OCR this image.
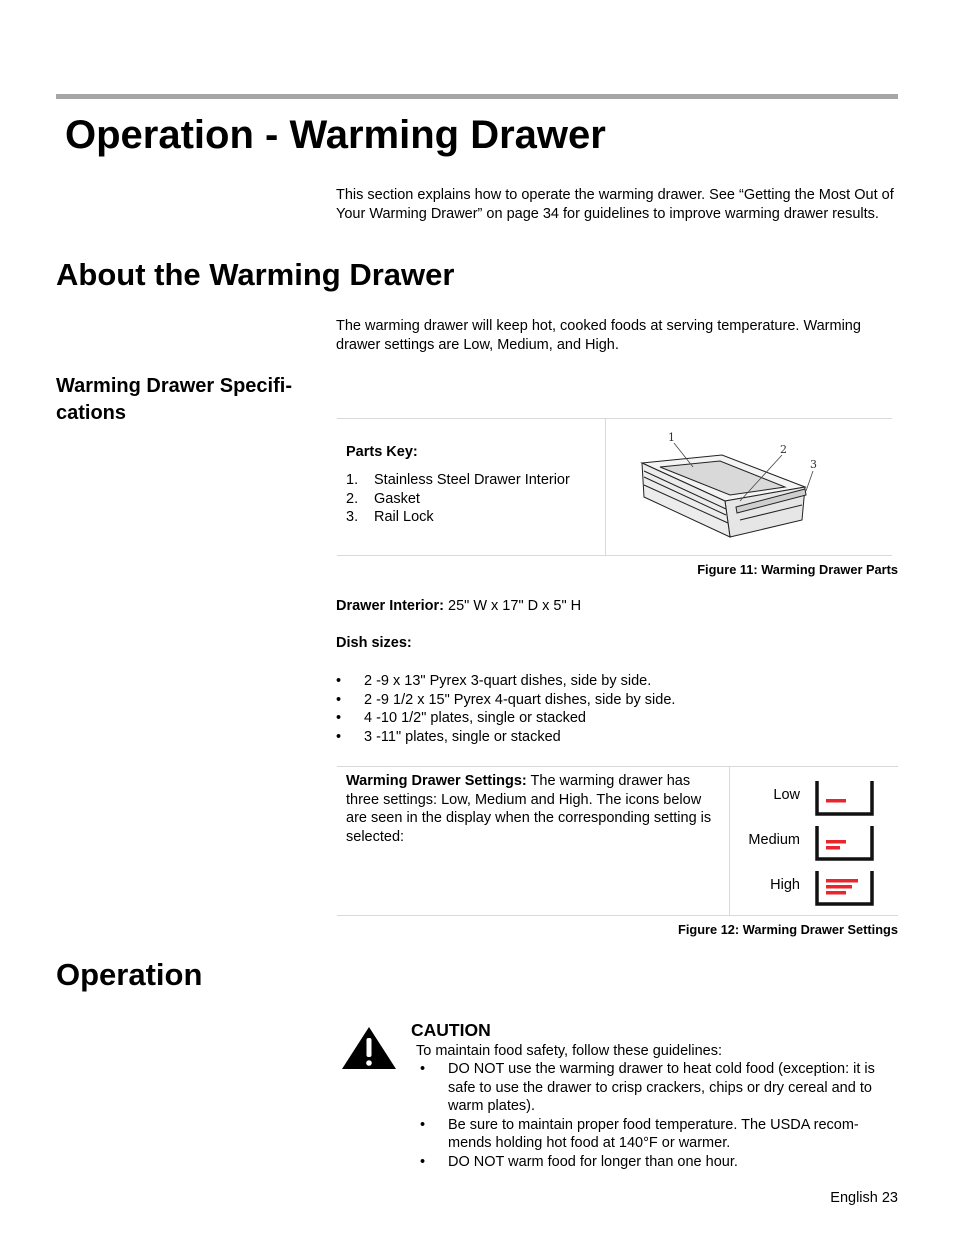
Operation - Warming Drawer
This section explains how to operate the warming drawer. See “Getting the Most Out of Your Warming Drawer” on page 34 for guidelines to improve warming drawer results.
About the Warming Drawer
The warming drawer will keep hot, cooked foods at serving temperature. Warming drawer settings are Low, Medium, and High.
Warming Drawer Specifi-
cations
Parts Key:
1. Stainless Steel Drawer Interior
2. Gasket
3. Rail Lock
1
2
3
Figure 11: Warming Drawer Parts
Drawer Interior: 25" W x 17" D x 5" H
Dish sizes:
• 2 -9 x 13" Pyrex 3-quart dishes, side by side.
• 2 -9 1/2 x 15" Pyrex 4-quart dishes, side by side.
• 4 -10 1/2" plates, single or stacked
• 3 -11" plates, single or stacked
Warming Drawer Settings: The warming drawer has three settings: Low, Medium and High. The icons below are seen in the display when the corresponding setting is selected:
Low
Medium
High
Figure 12: Warming Drawer Settings
Operation
CAUTION
To maintain food safety, follow these guidelines:
• DO NOT use the warming drawer to heat cold food (exception: it is safe to use the drawer to crisp crackers, chips or dry cereal and to warm plates).
• Be sure to maintain proper food temperature. The USDA recom-mends holding hot food at 140°F or warmer.
• DO NOT warm food for longer than one hour.
English 23
